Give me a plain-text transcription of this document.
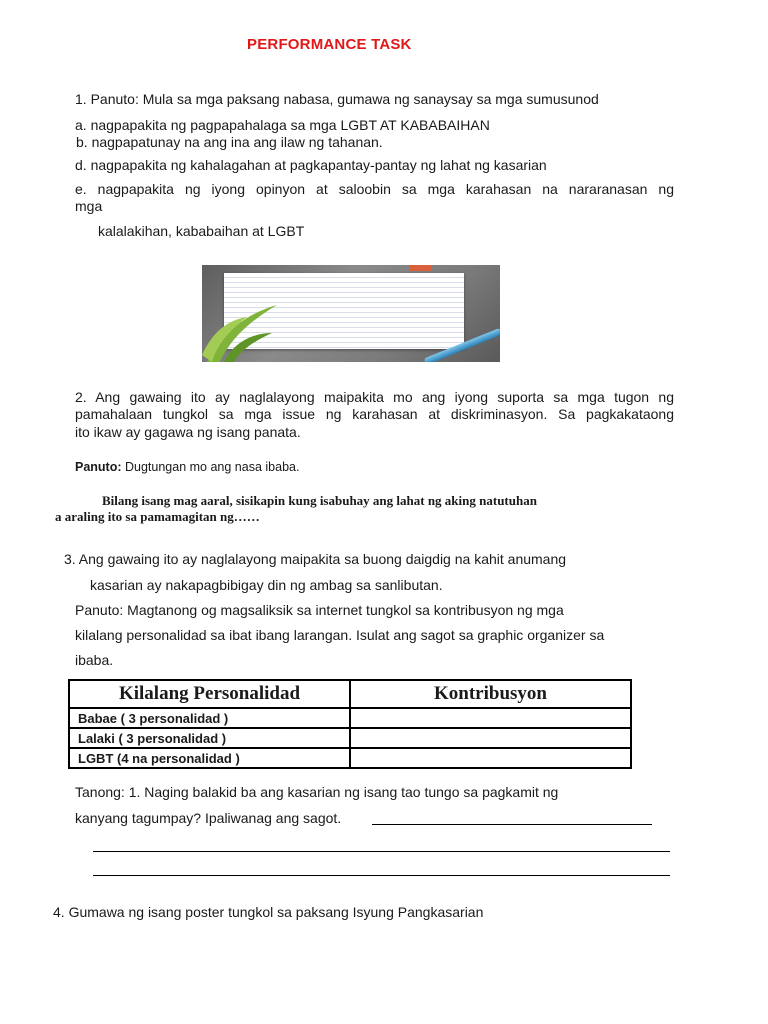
PERFORMANCE TASK
1. Panuto: Mula sa mga paksang nabasa, gumawa ng sanaysay sa mga sumusunod
a. nagpapakita ng pagpapahalaga sa mga LGBT AT KABABAIHAN
b. nagpapatunay na ang ina ang ilaw ng tahanan.
d. nagpapakita ng kahalagahan at pagkapantay-pantay ng lahat ng kasarian
e. nagpapakita ng iyong opinyon at saloobin sa mga karahasan na nararanasan ng
mga
kalalakihan, kababaihan at LGBT
2. Ang gawaing ito ay naglalayong maipakita mo ang iyong suporta sa mga tugon ng
pamahalaan tungkol sa mga issue ng karahasan at diskriminasyon. Sa pagkakataong
ito ikaw ay gagawa ng isang panata.
Panuto: Dugtungan mo ang nasa ibaba.
Bilang isang mag aaral, sisikapin kung isabuhay ang lahat ng aking natutuhan
a araling ito sa pamamagitan ng……
3. Ang gawaing ito ay naglalayong maipakita sa buong daigdig na kahit anumang
kasarian ay nakapagbibigay din ng ambag sa sanlibutan.
Panuto: Magtanong og magsaliksik sa internet tungkol sa kontribusyon ng mga
kilalang personalidad sa ibat ibang larangan. Isulat ang sagot sa graphic organizer sa
ibaba.
Kilalang Personalidad	Kontribusyon
Babae ( 3 personalidad )	
Lalaki ( 3 personalidad )	
LGBT (4 na personalidad )	
Tanong: 1. Naging balakid ba ang kasarian ng isang tao tungo sa pagkamit ng
kanyang tagumpay? Ipaliwanag ang sagot.
4. Gumawa ng isang poster tungkol sa paksang Isyung Pangkasarian
